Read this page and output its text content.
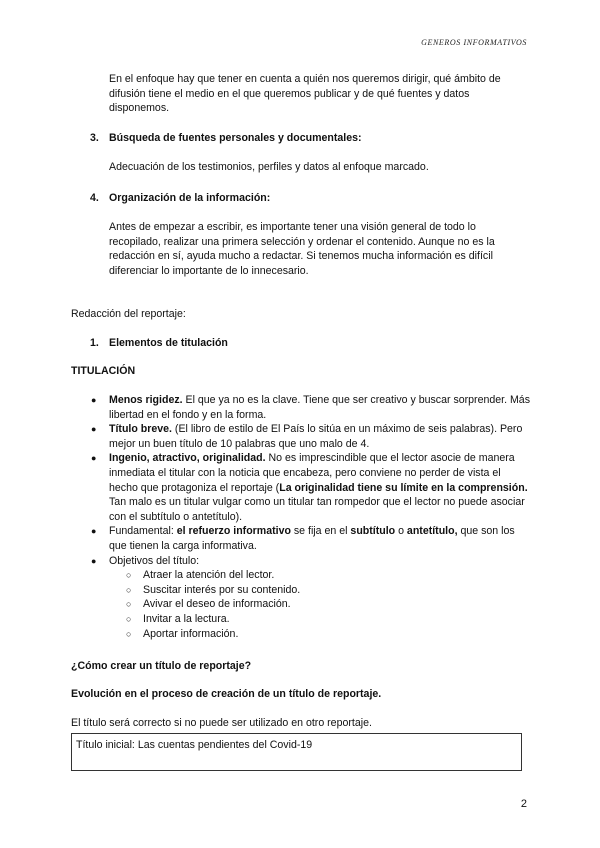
GENEROS INFORMATIVOS
En el enfoque hay que tener en cuenta a quién nos queremos dirigir, qué ámbito de difusión tiene el medio en el que queremos publicar y de qué fuentes y datos disponemos.
3. Búsqueda de fuentes personales y documentales:
Adecuación de los testimonios, perfiles y datos al enfoque marcado.
4. Organización de la información:
Antes de empezar a escribir, es importante tener una visión general de todo lo recopilado, realizar una primera selección y ordenar el contenido. Aunque no es la redacción en sí, ayuda mucho a redactar. Si tenemos mucha información es difícil diferenciar lo importante de lo innecesario.
Redacción del reportaje:
1. Elementos de titulación
TITULACIÓN
● Menos rigidez. El que ya no es la clave. Tiene que ser creativo y buscar sorprender. Más libertad en el fondo y en la forma.
● Título breve. (El libro de estilo de El País lo sitúa en un máximo de seis palabras). Pero mejor un buen título de 10 palabras que uno malo de 4.
● Ingenio, atractivo, originalidad. No es imprescindible que el lector asocie de manera inmediata el titular con la noticia que encabeza, pero conviene no perder de vista el hecho que protagoniza el reportaje (La originalidad tiene su límite en la comprensión. Tan malo es un titular vulgar como un titular tan rompedor que el lector no puede asociar con el subtítulo o antetítulo).
● Fundamental: el refuerzo informativo se fija en el subtítulo o antetítulo, que son los que tienen la carga informativa.
● Objetivos del título:
○ Atraer la atención del lector.
○ Suscitar interés por su contenido.
○ Avivar el deseo de información.
○ Invitar a la lectura.
○ Aportar información.
¿Cómo crear un título de reportaje?
Evolución en el proceso de creación de un título de reportaje.
El título será correcto si no puede ser utilizado en otro reportaje.
Título inicial: Las cuentas pendientes del Covid-19
2
